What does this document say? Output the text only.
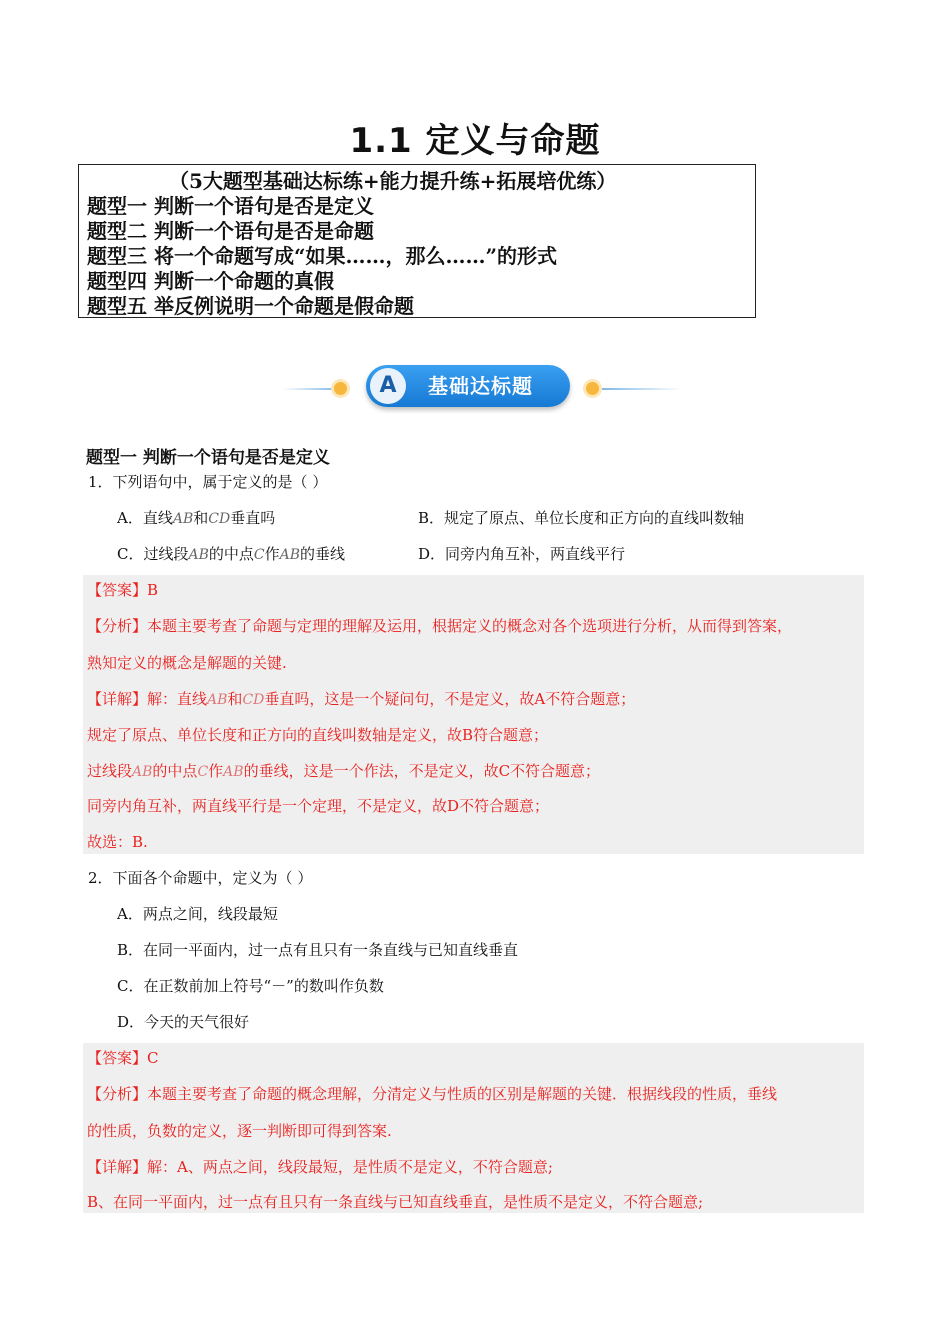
1.1 定义与命题
（5大题型基础达标练+能力提升练+拓展培优练）
题型一 判断一个语句是否是定义
题型二 判断一个语句是否是命题
题型三 将一个命题写成“如果……，那么……”的形式
题型四 判断一个命题的真假
题型五 举反例说明一个命题是假命题
A	基础达标题
题型一 判断一个语句是否是定义
1．下列语句中，属于定义的是（ ）
A．直线AB和CD垂直吗	B．规定了原点、单位长度和正方向的直线叫数轴
C．过线段AB的中点C作AB的垂线	D．同旁内角互补，两直线平行
【答案】B
【分析】本题主要考查了命题与定理的理解及运用，根据定义的概念对各个选项进行分析，从而得到答案，
熟知定义的概念是解题的关键.
【详解】解：直线AB和CD垂直吗，这是一个疑问句，不是定义，故A不符合题意；
规定了原点、单位长度和正方向的直线叫数轴是定义，故B符合题意；
过线段AB的中点C作AB的垂线，这是一个作法，不是定义，故C不符合题意；
同旁内角互补，两直线平行是一个定理，不是定义，故D不符合题意；
故选：B.
2．下面各个命题中，定义为（ ）
A．两点之间，线段最短
B．在同一平面内，过一点有且只有一条直线与已知直线垂直
C．在正数前加上符号“－”的数叫作负数
D．今天的天气很好
【答案】C
【分析】本题主要考查了命题的概念理解，分清定义与性质的区别是解题的关键．根据线段的性质，垂线
的性质，负数的定义，逐一判断即可得到答案.
【详解】解：A、两点之间，线段最短，是性质不是定义，不符合题意;
B、在同一平面内，过一点有且只有一条直线与已知直线垂直，是性质不是定义，不符合题意;
